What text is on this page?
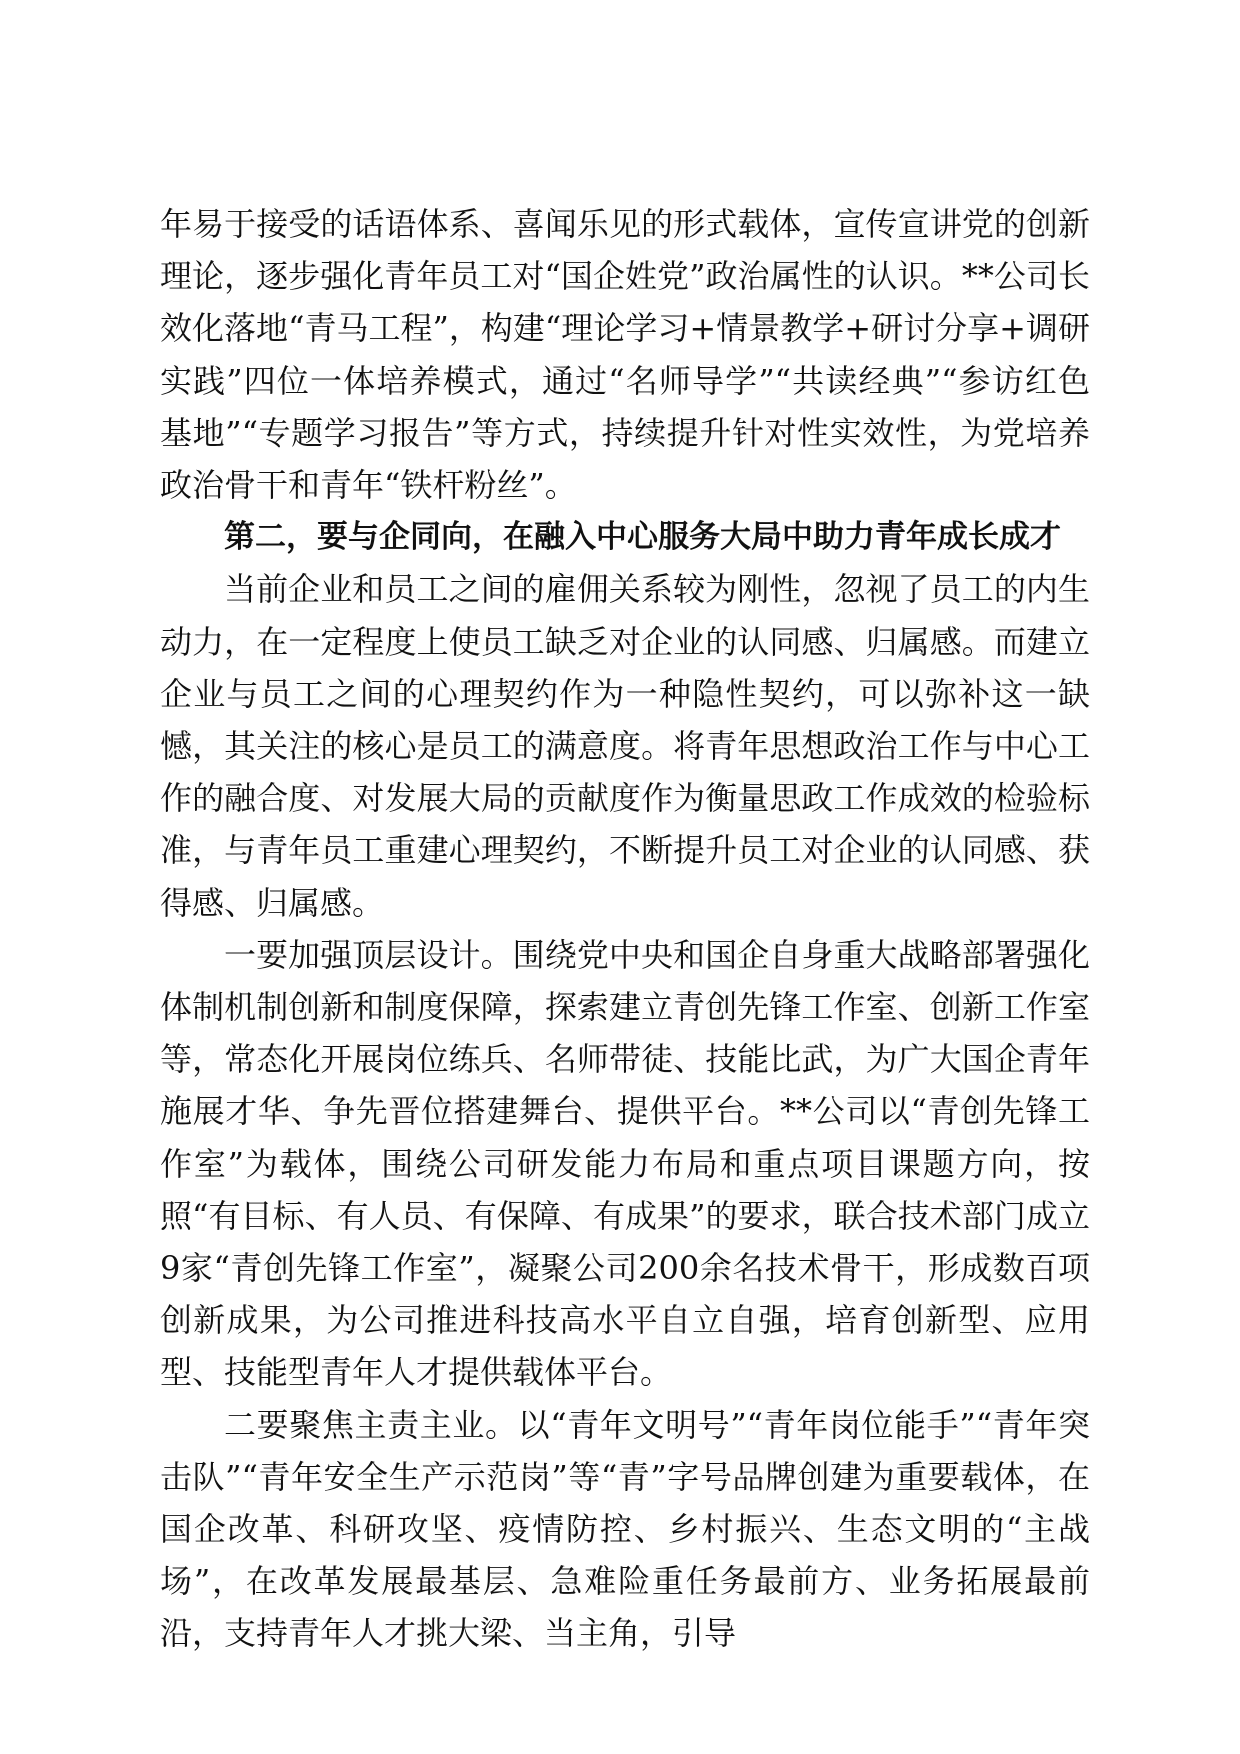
年易于接受的话语体系、喜闻乐见的形式载体，宣传宣讲党的创新理论，逐步强化青年员工对“国企姓党”政治属性的认识。**公司长效化落地“青马工程”，构建“理论学习+情景教学+研讨分享+调研实践”四位一体培养模式，通过“名师导学”“共读经典”“参访红色基地”“专题学习报告”等方式，持续提升针对性实效性，为党培养政治骨干和青年“铁杆粉丝”。

第二，要与企同向，在融入中心服务大局中助力青年成长成才

当前企业和员工之间的雇佣关系较为刚性，忽视了员工的内生动力，在一定程度上使员工缺乏对企业的认同感、归属感。而建立企业与员工之间的心理契约作为一种隐性契约，可以弥补这一缺憾，其关注的核心是员工的满意度。将青年思想政治工作与中心工作的融合度、对发展大局的贡献度作为衡量思政工作成效的检验标准，与青年员工重建心理契约，不断提升员工对企业的认同感、获得感、归属感。

一要加强顶层设计。围绕党中央和国企自身重大战略部署强化体制机制创新和制度保障，探索建立青创先锋工作室、创新工作室等，常态化开展岗位练兵、名师带徒、技能比武，为广大国企青年施展才华、争先晋位搭建舞台、提供平台。**公司以“青创先锋工作室”为载体，围绕公司研发能力布局和重点项目课题方向，按照“有目标、有人员、有保障、有成果”的要求，联合技术部门成立9家“青创先锋工作室”，凝聚公司200余名技术骨干，形成数百项创新成果，为公司推进科技高水平自立自强，培育创新型、应用型、技能型青年人才提供载体平台。

二要聚焦主责主业。以“青年文明号”“青年岗位能手”“青年突击队”“青年安全生产示范岗”等“青”字号品牌创建为重要载体，在国企改革、科研攻坚、疫情防控、乡村振兴、生态文明的“主战场”，在改革发展最基层、急难险重任务最前方、业务拓展最前沿，支持青年人才挑大梁、当主角，引导
